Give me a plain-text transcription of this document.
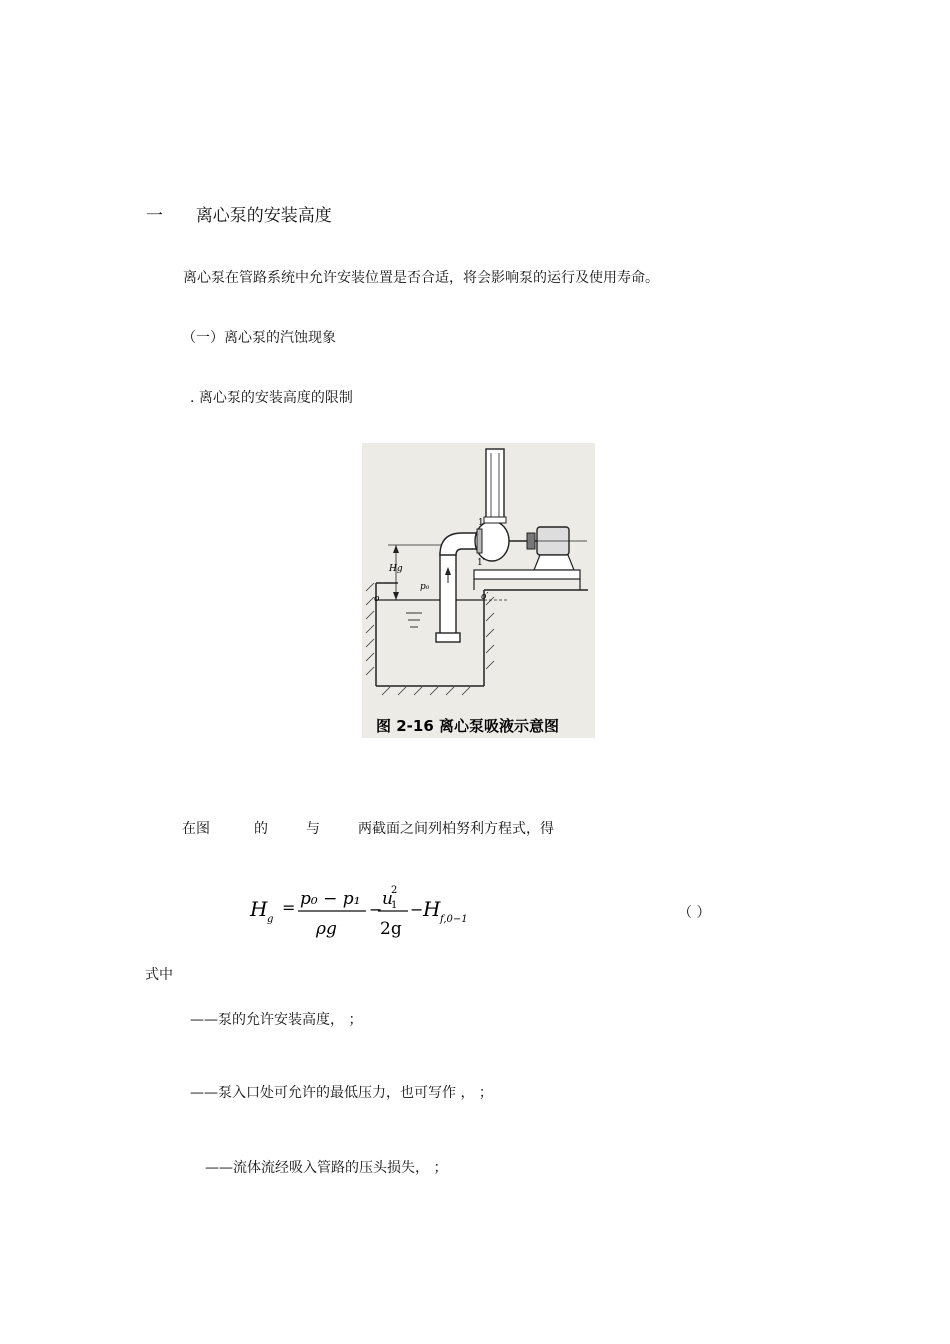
一 离心泵的安装高度
离心泵在管路系统中允许安装位置是否合适，将会影响泵的运行及使用寿命。
（一）离心泵的汽蚀现象
. 离心泵的安装高度的限制
Hg
p₀
o	o′
1
1′
图 2-16 离心泵吸液示意图
在图	的	与	两截面之间列柏努利方程式，得
H g
= p₀ − p₁
ρg
−
u
2
1
2g
− H f,0−1	（ ）
式中
——泵的允许安装高度， ；
——泵入口处可允许的最低压力，也可写作 ， ；
——流体流经吸入管路的压头损失， ；
